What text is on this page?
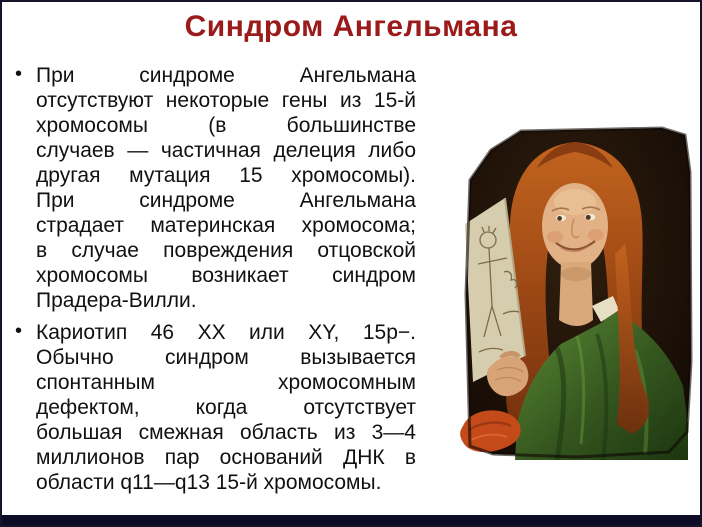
Синдром Ангельмана
• При синдроме Ангельмана
отсутствуют некоторые гены из 15-й
хромосомы (в большинстве
случаев — частичная делеция либо
другая мутация 15 хромосомы).
При синдроме Ангельмана
страдает материнская хромосома;
в случае повреждения отцовской
хромосомы возникает синдром
Прадера-Вилли.
• Кариотип 46 XX или XY, 15p−.
Обычно синдром вызывается
спонтанным хромосомным
дефектом, когда отсутствует
большая смежная область из 3—4
миллионов пар оснований ДНК в
области q11—q13 15-й хромосомы.
